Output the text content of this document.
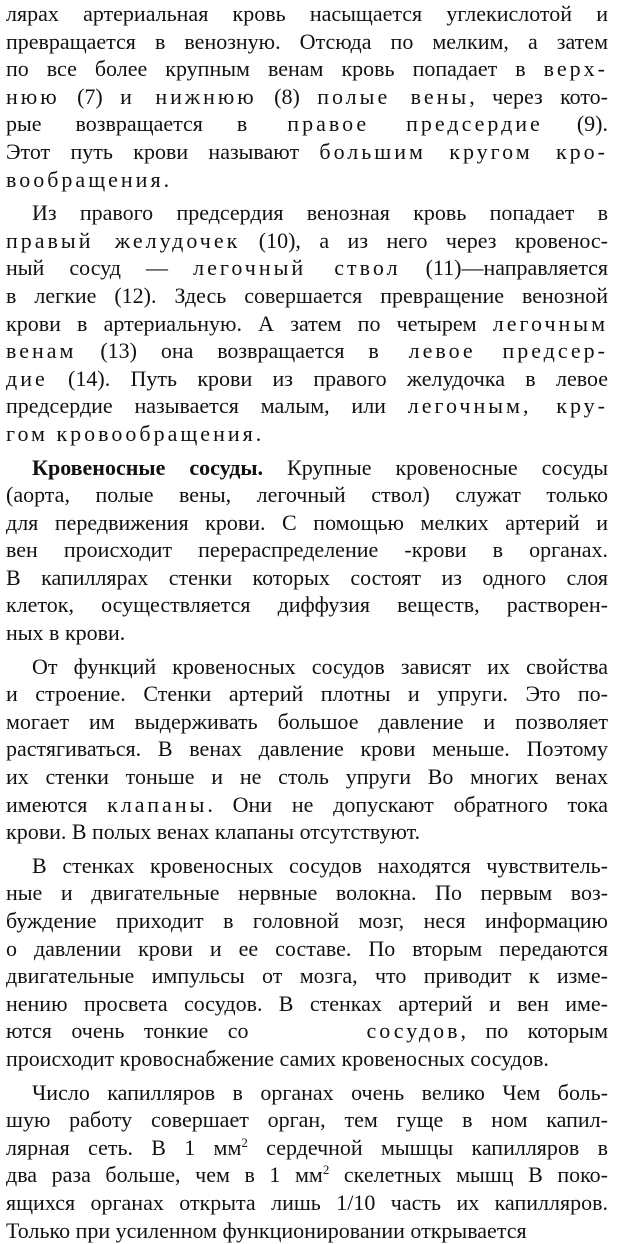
лярах артериальная кровь насыщается углекислотой и
превращается в венозную. Отсюда по мелким, а затем
по все более крупным венам кровь попадает в верх-
нюю (7) и нижнюю (8) полые вены, через кото-
рые возвращается в правое предсердие (9).
Этот путь крови называют большим кругом кро-
вообращения.
Из правого предсердия венозная кровь попадает в
правый желудочек (10), а из него через кровенос-
ный сосуд — легочный ствол (11)—направляется
в легкие (12). Здесь совершается превращение венозной
крови в артериальную. А затем по четырем легочным
венам (13) она возвращается в левое предсер-
дие (14). Путь крови из правого желудочка в левое
предсердие называется малым, или легочным, кру-
гом кровообращения.
Кровеносные сосуды. Крупные кровеносные сосуды
(аорта, полые вены, легочный ствол) служат только
для передвижения крови. С помощью мелких артерий и
вен происходит перераспределение -крови в органах.
В капиллярах стенки которых состоят из одного слоя
клеток, осуществляется диффузия веществ, растворен-
ных в крови.
От функций кровеносных сосудов зависят их свойства
и строение. Стенки артерий плотны и упруги. Это по-
могает им выдерживать большое давление и позволяет
растягиваться. В венах давление крови меньше. Поэтому
их стенки тоньше и не столь упруги Во многих венах
имеются клапаны. Они не допускают обратного тока
крови. В полых венах клапаны отсутствуют.
В стенках кровеносных сосудов находятся чувствитель-
ные и двигательные нервные волокна. По первым воз-
буждение приходит в головной мозг, неся информацию
о давлении крови и ее составе. По вторым передаются
двигательные импульсы от мозга, что приводит к изме-
нению просвета сосудов. В стенках артерий и вен име-
ются очень тонкие со	сосудов, по которым
происходит кровоснабжение самих кровеносных сосудов.
Число капилляров в органах очень велико Чем боль-
шую работу совершает орган, тем гуще в ном капил-
лярная сеть. В 1 $мм^2$ сердечной мышцы капилляров в
два раза больше, чем в 1 $мм^2$ скелетных мышц В поко-
ящихся органах открыта лишь 1/10 часть их капилляров.
Только при усиленном функционировании открывается
